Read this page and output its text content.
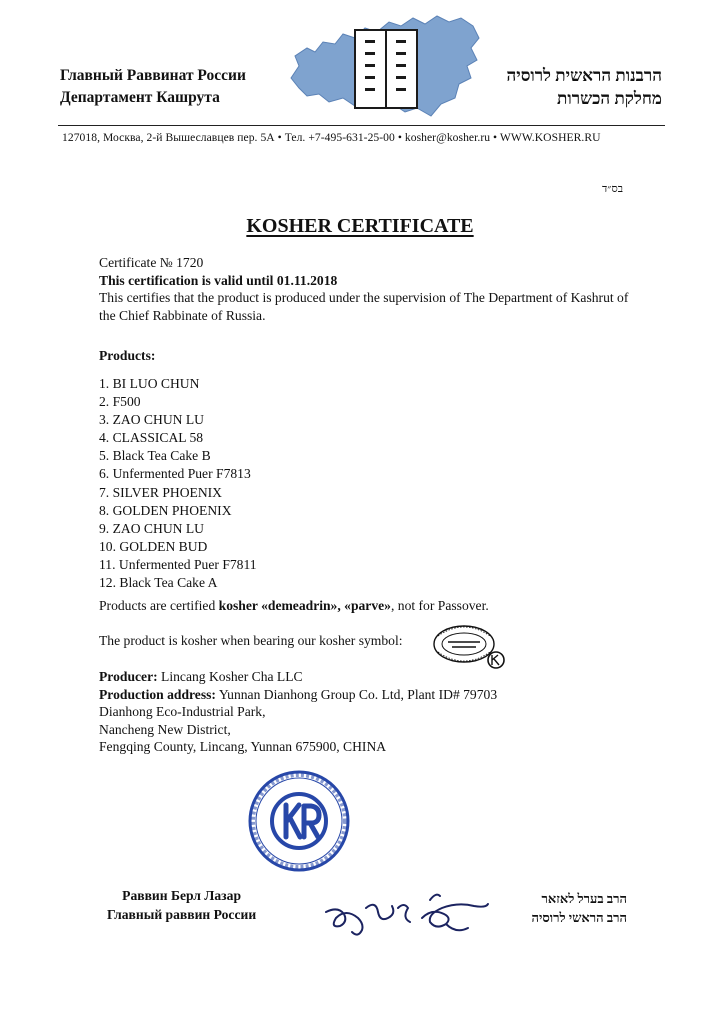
Главный Раввинат России
Департамент Кашрута
הרבנות הראשית לרוסיה
מחלקת הכשרות
127018, Москва, 2-й Вышеславцев пер. 5А • Тел. +7-495-631-25-00 • kosher@kosher.ru • WWW.KOSHER.RU
בס״ד
KOSHER CERTIFICATE
Certificate № 1720
This certification is valid until 01.11.2018
This certifies that the product is produced under the supervision of The Department of Kashrut of the Chief Rabbinate of Russia.
Products:
1. BI LUO CHUN
2. F500
3. ZAO CHUN LU
4. CLASSICAL 58
5. Black Tea Cake B
6. Unfermented Puer F7813
7. SILVER PHOENIX
8. GOLDEN PHOENIX
9. ZAO CHUN LU
10. GOLDEN BUD
11. Unfermented Puer F7811
12. Black Tea Cake A
Products are certified kosher «demeadrin», «parve», not for Passover.
The product is kosher when bearing our kosher symbol:
Producer: Lincang Kosher Cha LLC
Production address: Yunnan Dianhong Group Co. Ltd, Plant ID# 79703
Dianhong Eco-Industrial Park,
Nancheng New District,
Fengqing County, Lincang, Yunnan 675900, CHINA
Раввин Берл Лазар
Главный раввин России
הרב בערל לאזאר
הרב הראשי לרוסיה
